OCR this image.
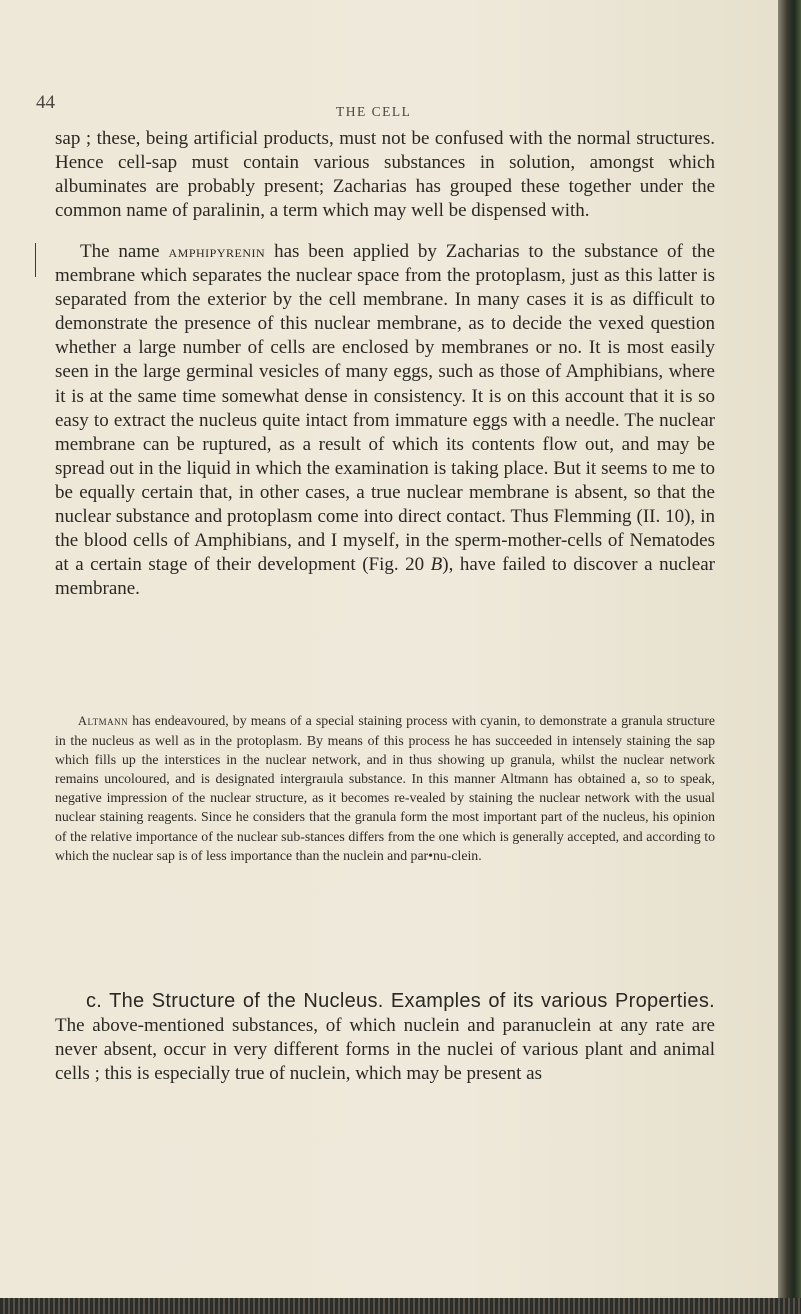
44	THE CELL

sap ; these, being artificial products, must not be confused with the normal structures. Hence cell-sap must contain various substances in solution, amongst which albuminates are probably present; Zacharias has grouped these together under the common name of paralinin, a term which may well be dispensed with.

The name amphipyrenin has been applied by Zacharias to the substance of the membrane which separates the nuclear space from the protoplasm, just as this latter is separated from the exterior by the cell membrane. In many cases it is as difficult to demonstrate the presence of this nuclear membrane, as to decide the vexed question whether a large number of cells are enclosed by membranes or no. It is most easily seen in the large germinal vesicles of many eggs, such as those of Amphibians, where it is at the same time somewhat dense in consistency. It is on this account that it is so easy to extract the nucleus quite intact from immature eggs with a needle. The nuclear membrane can be ruptured, as a result of which its contents flow out, and may be spread out in the liquid in which the examination is taking place. But it seems to me to be equally certain that, in other cases, a true nuclear membrane is absent, so that the nuclear substance and protoplasm come into direct contact. Thus Flemming (II. 10), in the blood cells of Amphibians, and I myself, in the sperm-mother-cells of Nematodes at a certain stage of their development (Fig. 20 B), have failed to discover a nuclear membrane.

Altmann has endeavoured, by means of a special staining process with cyanin, to demonstrate a granula structure in the nucleus as well as in the protoplasm. By means of this process he has succeeded in intensely staining the sap which fills up the interstices in the nuclear network, and in thus showing up granula, whilst the nuclear network remains uncoloured, and is designated intergraıula substance. In this manner Altmann has obtained a, so to speak, negative impression of the nuclear structure, as it becomes re-vealed by staining the nuclear network with the usual nuclear staining reagents. Since he considers that the granula form the most important part of the nucleus, his opinion of the relative importance of the nuclear sub-stances differs from the one which is generally accepted, and according to which the nuclear sap is of less importance than the nuclein and par•nu-clein.

c. The Structure of the Nucleus. Examples of its various Properties. The above-mentioned substances, of which nuclein and paranuclein at any rate are never absent, occur in very different forms in the nuclei of various plant and animal cells ; this is especially true of nuclein, which may be present as
